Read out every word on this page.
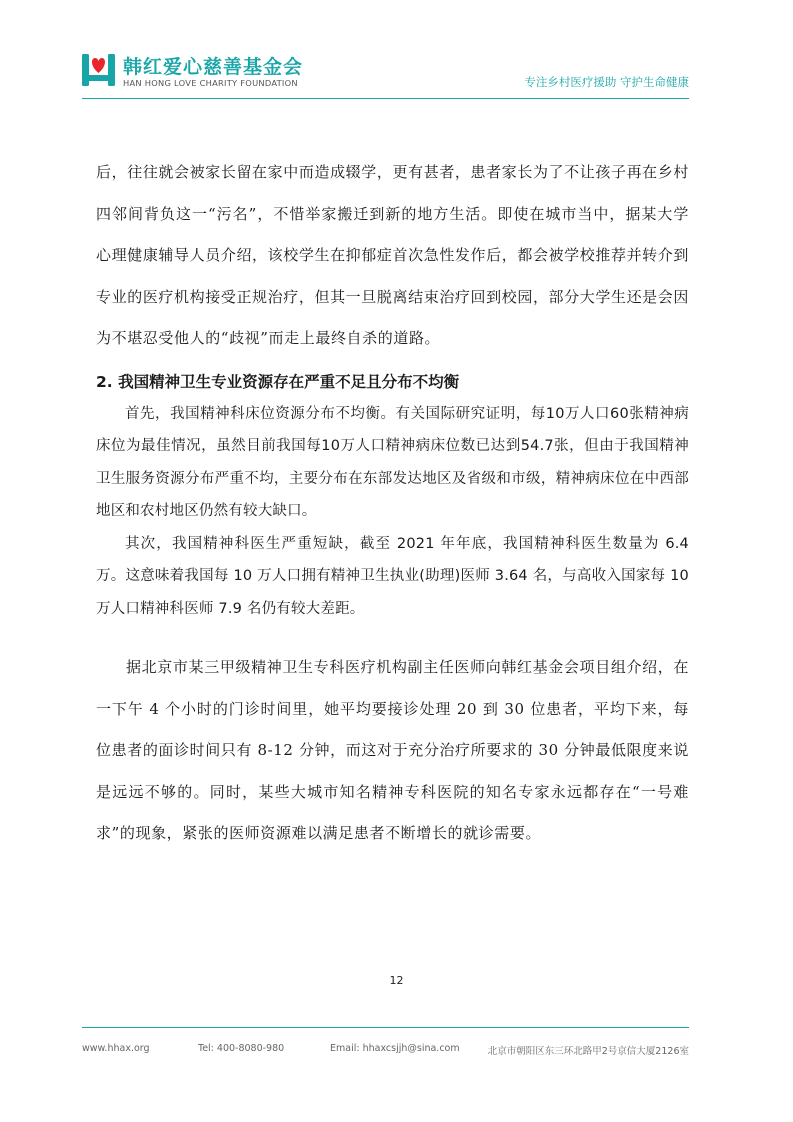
韩红爱心慈善基金会
HAN HONG LOVE CHARITY FOUNDATION	专注乡村医疗援助 守护生命健康

后，往往就会被家长留在家中而造成辍学，更有甚者，患者家长为了不让孩子再在乡村四邻间背负这一“污名”，不惜举家搬迁到新的地方生活。即使在城市当中，据某大学心理健康辅导人员介绍，该校学生在抑郁症首次急性发作后，都会被学校推荐并转介到专业的医疗机构接受正规治疗，但其一旦脱离结束治疗回到校园，部分大学生还是会因为不堪忍受他人的“歧视”而走上最终自杀的道路。

2. 我国精神卫生专业资源存在严重不足且分布不均衡

首先，我国精神科床位资源分布不均衡。有关国际研究证明，每10万人口60张精神病床位为最佳情况，虽然目前我国每10万人口精神病床位数已达到54.7张，但由于我国精神卫生服务资源分布严重不均，主要分布在东部发达地区及省级和市级，精神病床位在中西部地区和农村地区仍然有较大缺口。

其次，我国精神科医生严重短缺，截至 2021 年年底，我国精神科医生数量为 6.4 万。这意味着我国每 10 万人口拥有精神卫生执业(助理)医师 3.64 名，与高收入国家每 10 万人口精神科医师 7.9 名仍有较大差距。

据北京市某三甲级精神卫生专科医疗机构副主任医师向韩红基金会项目组介绍，在一下午 4 个小时的门诊时间里，她平均要接诊处理 20 到 30 位患者，平均下来，每位患者的面诊时间只有 8-12 分钟，而这对于充分治疗所要求的 30 分钟最低限度来说是远远不够的。同时，某些大城市知名精神专科医院的知名专家永远都存在“一号难求”的现象，紧张的医师资源难以满足患者不断增长的就诊需要。

12
www.hhax.org	Tel: 400-8080-980	Email: hhaxcsjjh@sina.com	北京市朝阳区东三环北路甲2号京信大厦2126室
